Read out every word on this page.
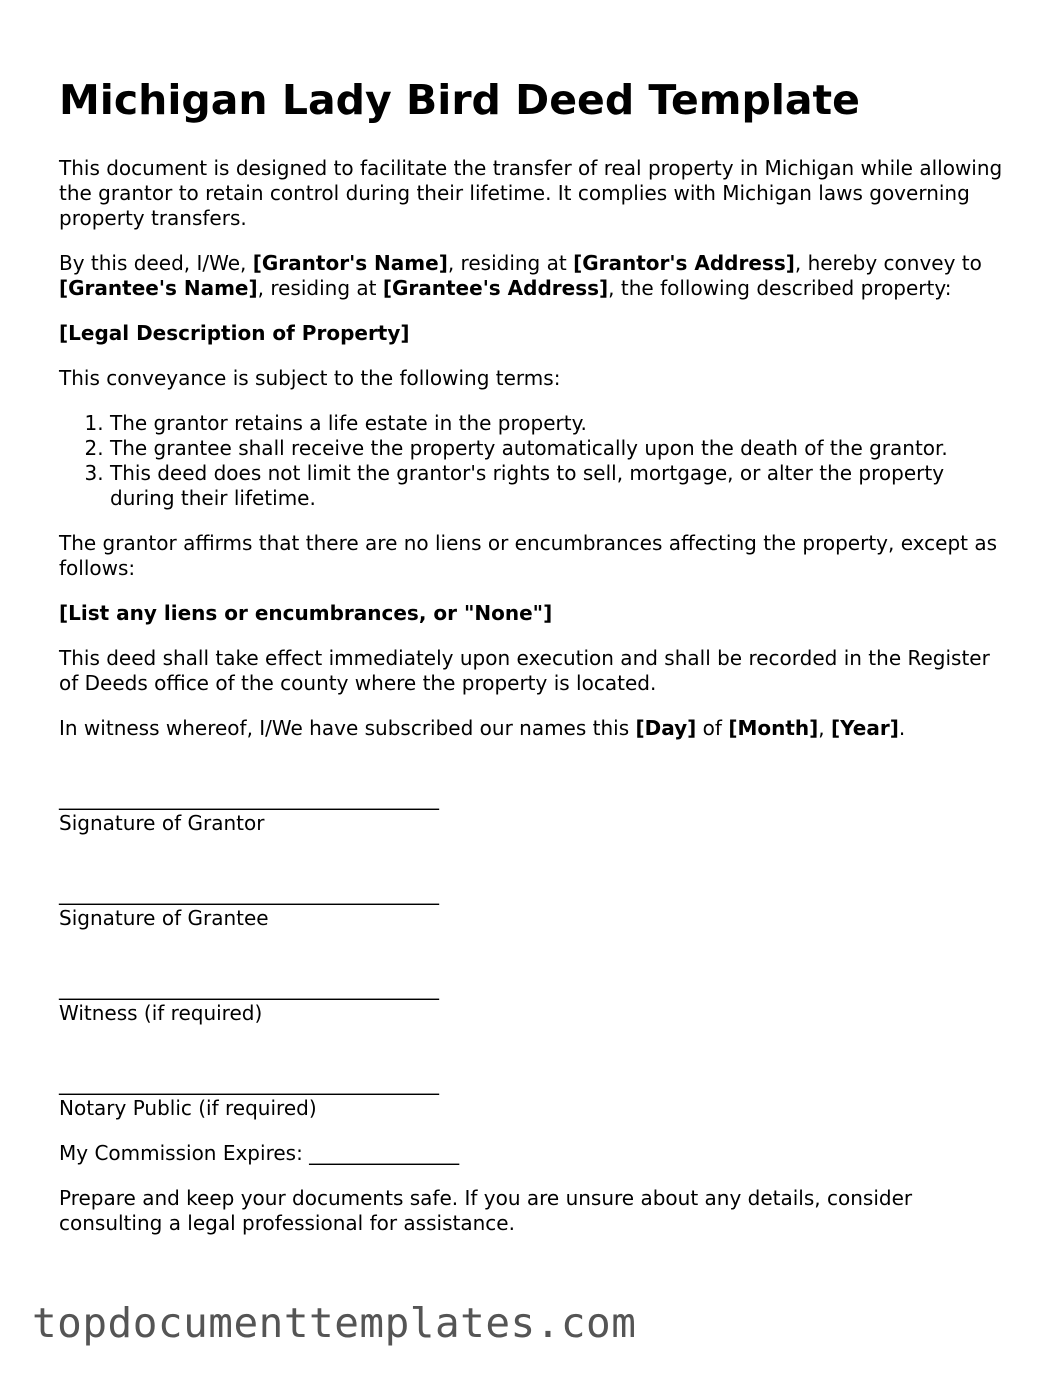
Michigan Lady Bird Deed Template

This document is designed to facilitate the transfer of real property in Michigan while allowing the grantor to retain control during their lifetime. It complies with Michigan laws governing property transfers.

By this deed, I/We, [Grantor's Name], residing at [Grantor's Address], hereby convey to [Grantee's Name], residing at [Grantee's Address], the following described property:

[Legal Description of Property]

This conveyance is subject to the following terms:

1. The grantor retains a life estate in the property.
2. The grantee shall receive the property automatically upon the death of the grantor.
3. This deed does not limit the grantor's rights to sell, mortgage, or alter the property during their lifetime.

The grantor affirms that there are no liens or encumbrances affecting the property, except as follows:

[List any liens or encumbrances, or "None"]

This deed shall take effect immediately upon execution and shall be recorded in the Register of Deeds office of the county where the property is located.

In witness whereof, I/We have subscribed our names this [Day] of [Month], [Year].

______________________________________
Signature of Grantor
______________________________________
Signature of Grantee
______________________________________
Witness (if required)
______________________________________
Notary Public (if required)

My Commission Expires: _______________

Prepare and keep your documents safe. If you are unsure about any details, consider consulting a legal professional for assistance.

topdocumenttemplates.com
